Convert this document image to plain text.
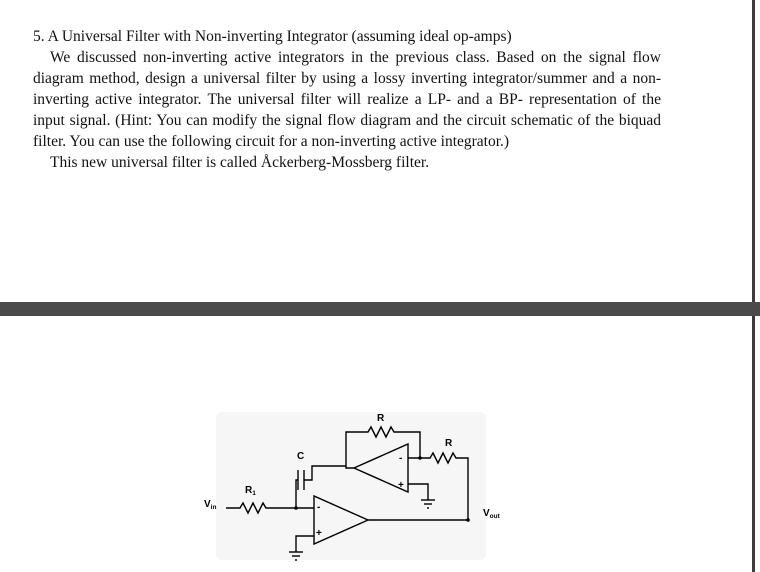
5. A Universal Filter with Non-inverting Integrator (assuming ideal op-amps)

We discussed non-inverting active integrators in the previous class. Based on the signal flow diagram method, design a universal filter by using a lossy inverting integrator/summer and a non-inverting active integrator. The universal filter will realize a LP- and a BP- representation of the input signal. (Hint: You can modify the signal flow diagram and the circuit schematic of the biquad filter. You can use the following circuit for a non-inverting active integrator.)

This new universal filter is called Åckerberg-Mossberg filter.

$V_{in}$
$R_1$
C
-
+
$V_{out}$
-
+
R
R
